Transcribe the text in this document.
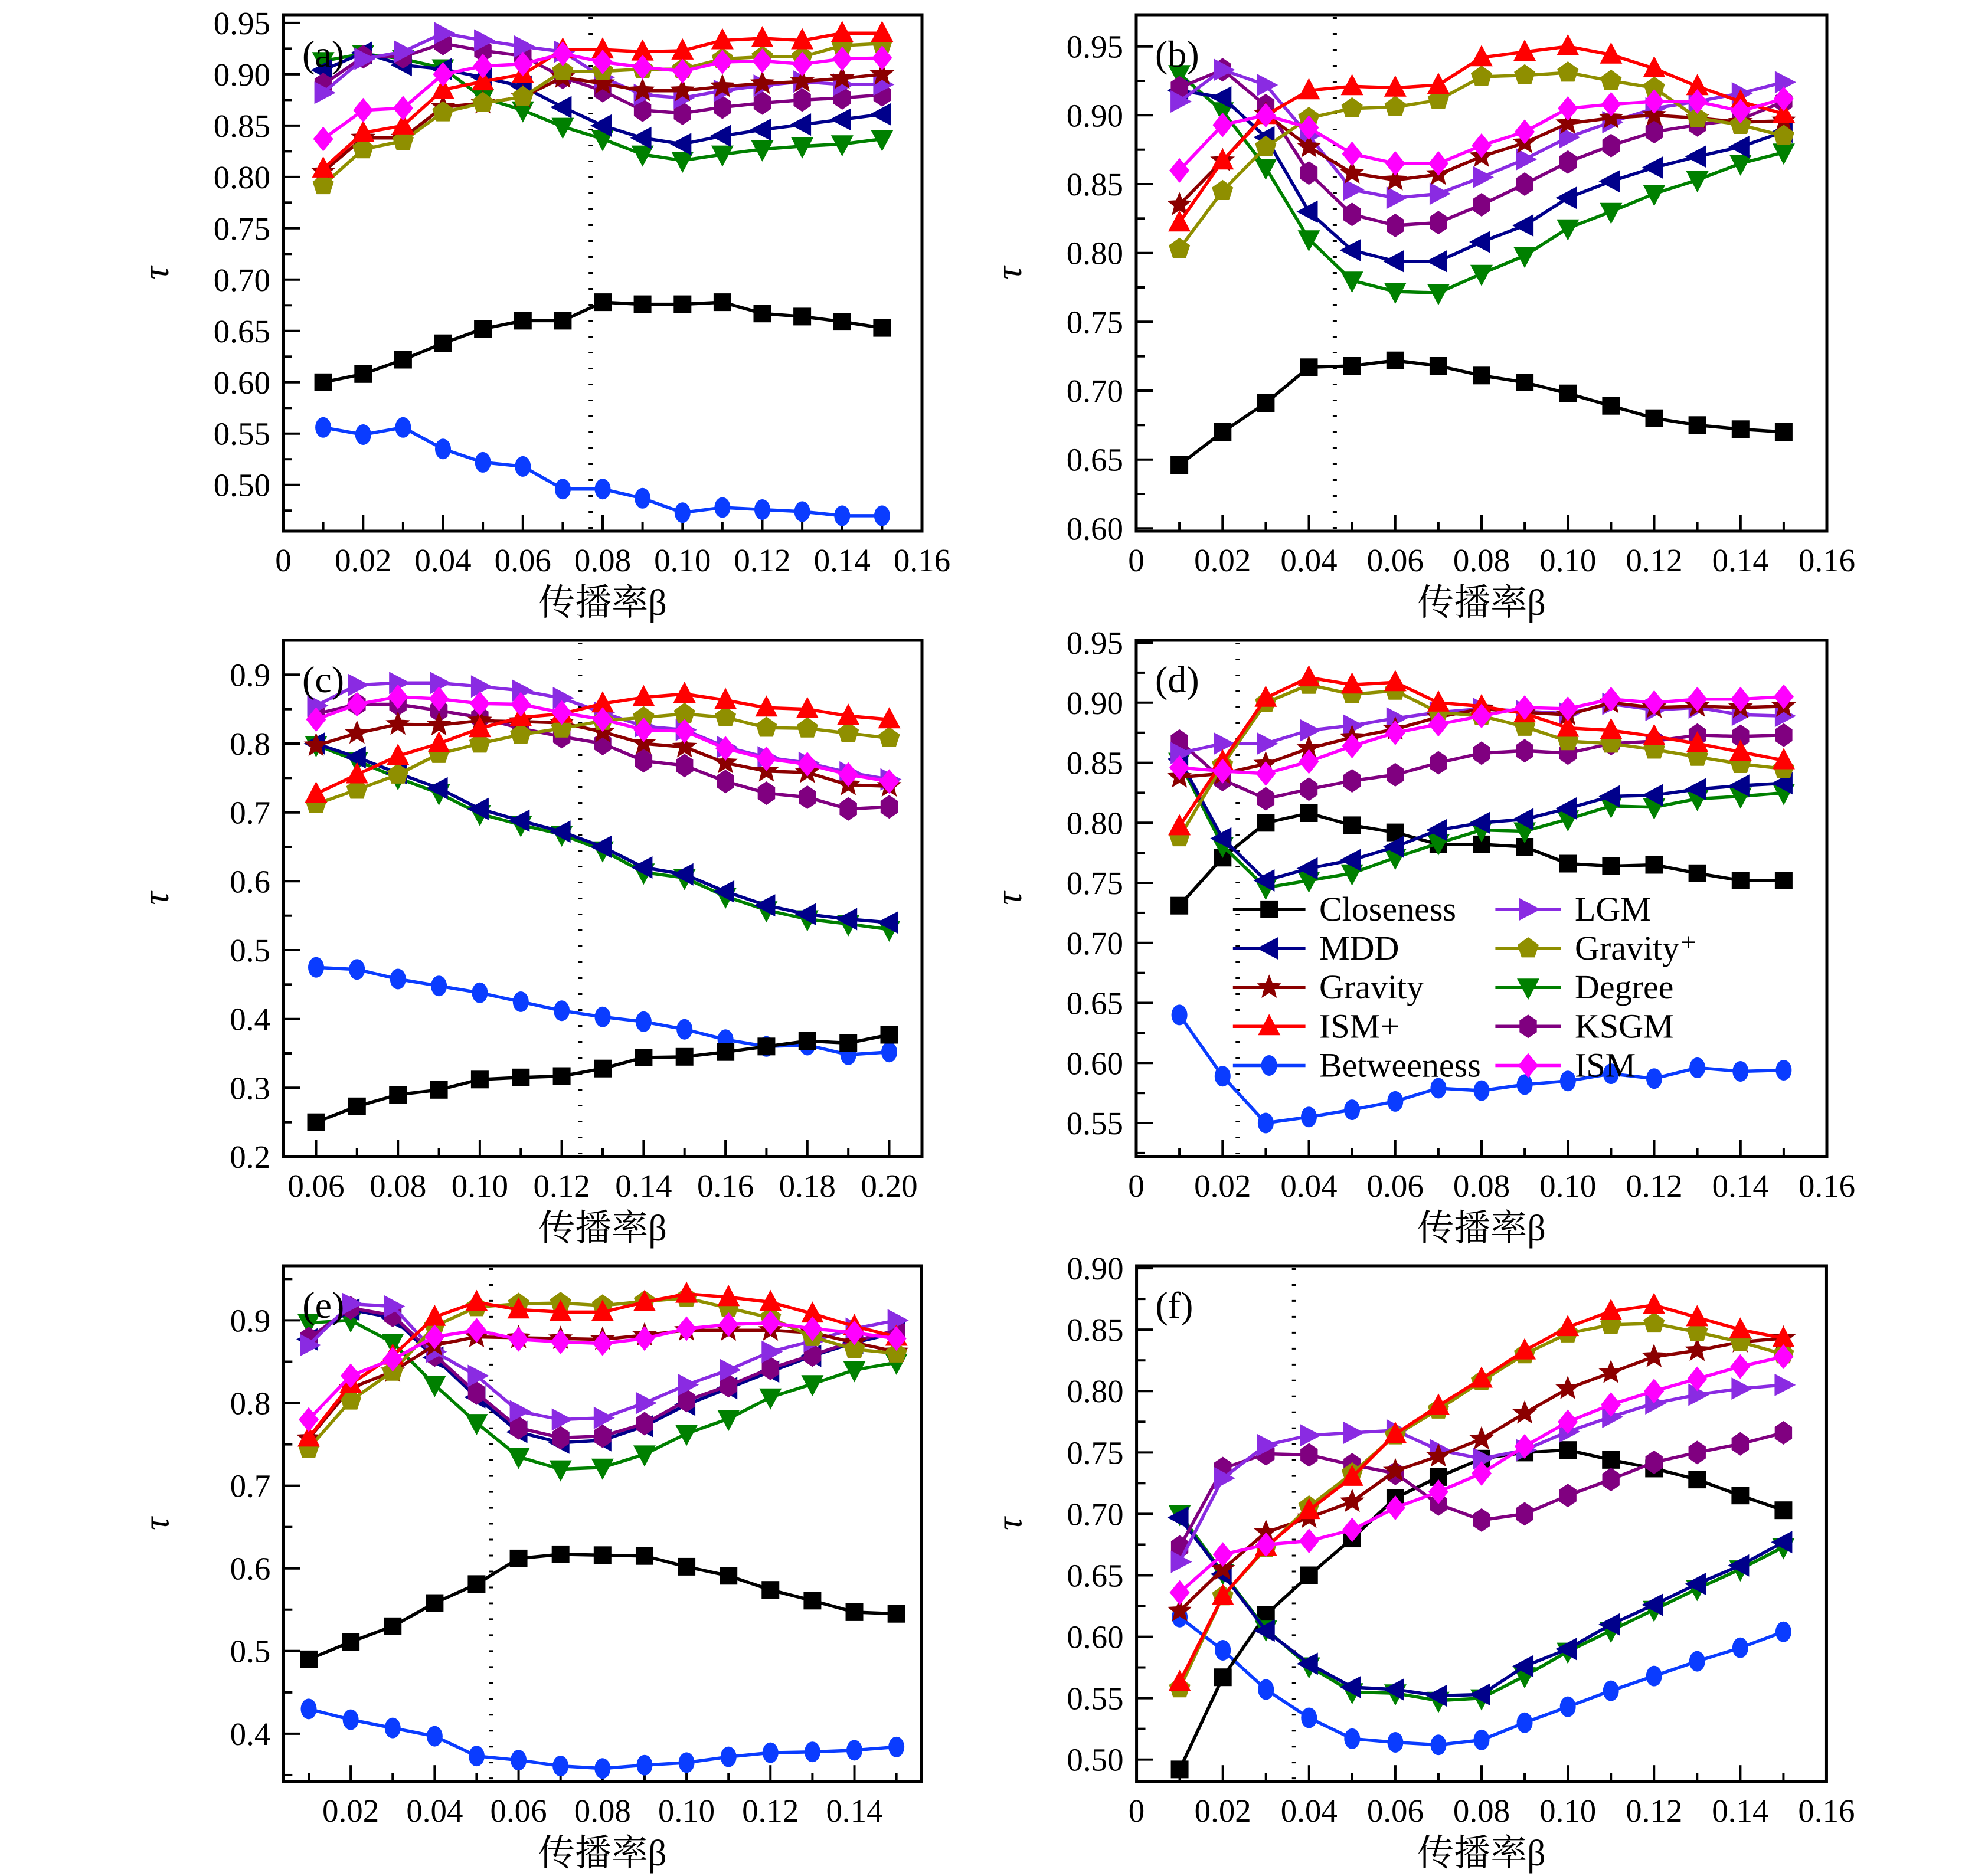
0 0.02 0.04 0.06 0.08 0.10 0.12 0.14 0.16
0.50
0.55
0.60
0.65
0.70
0.75
0.80
0.85
0.90
0.95
(a)
传播率β
τ
0 0.02 0.04 0.06 0.08 0.10 0.12 0.14 0.16
0.60
0.65
0.70
0.75
0.80
0.85
0.90
0.95 (b)
传播率β
τ
0.06 0.08 0.10 0.12 0.14 0.16 0.18 0.20
0.2
0.3
0.4
0.5
0.6
0.7
0.8
0.9 (c)
传播率β
τ
0 0.02 0.04 0.06 0.08 0.10 0.12 0.14 0.16
0.55
0.60
0.65
0.70
0.75
0.80
0.85
0.90
0.95
(d)
传播率β
τ	Closeness
MDD
Gravity
ISM+
Betweeness
LGM
Gravity⁺
Degree
KSGM
ISM
0.02 0.04 0.06 0.08 0.10 0.12 0.14
0.4
0.5
0.6
0.7
0.8
0.9 (e)
传播率β
τ
0 0.02 0.04 0.06 0.08 0.10 0.12 0.14 0.16
0.50
0.55
0.60
0.65
0.70
0.75
0.80
0.85
0.90
(f)
传播率β
τ
